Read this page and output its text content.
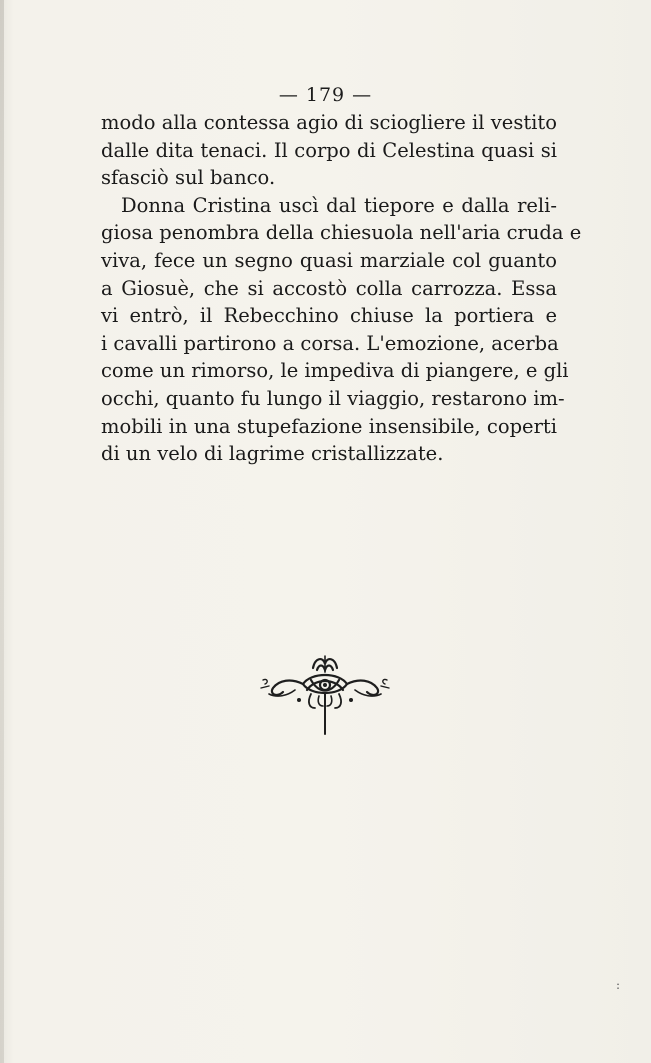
— 179 —
modo alla contessa agio di sciogliere il vestito
dalle dita tenaci. Il corpo di Celestina quasi si
sfasciò sul banco.
Donna Cristina uscì dal tiepore e dalla reli-
giosa penombra della chiesuola nell'aria cruda e
viva, fece un segno quasi marziale col guanto
a Giosuè, che si accostò colla carrozza. Essa
vi entrò, il Rebecchino chiuse la portiera e
i cavalli partirono a corsa. L'emozione, acerba
come un rimorso, le impediva di piangere, e gli
occhi, quanto fu lungo il viaggio, restarono im-
mobili in una stupefazione insensibile, coperti
di un velo di lagrime cristallizzate.
:
